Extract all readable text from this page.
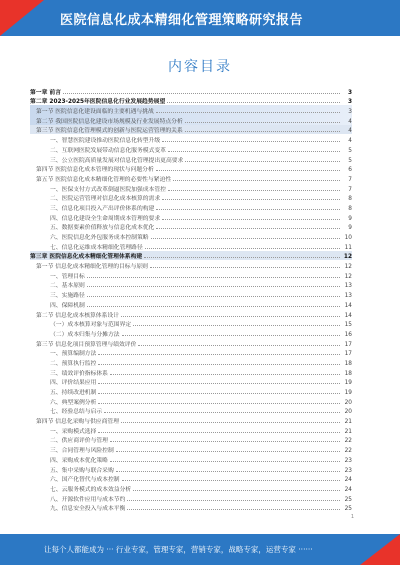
医院信息化成本精细化管理策略研究报告
内容目录
第一章 前言	3
第二章 2023-2025年医院信息化行业发展趋势展望	3
第一节 医院信息化建设面临的主要机遇与挑战	3
第二节 我国医院信息化建设市场规模及行业发展特点分析	4
第三节 医院信息化管理模式的创新与医院运营管理的关系	4
一、智慧医院建设推动医院信息化转型升级	4
二、互联网医院发展带动信息化服务模式变革	5
三、公立医院高质量发展对信息化管理提出更高要求	5
第四节 医院信息化成本管理的现状与问题分析	6
第五节 医院信息化成本精细化管理的必要性与紧迫性	7
一、医保支付方式改革倒逼医院加强成本管控	7
二、医院运营管理对信息化成本核算的需求	8
三、信息化项目投入产出评价体系的构建	8
四、信息化建设全生命周期成本管理的要求	9
五、数据要素价值释放与信息化成本优化	9
六、医院信息化外包服务成本控制策略	10
七、信息化运维成本精细化管理路径	11
第三章 医院信息化成本精细化管理体系构建	12
第一节 信息化成本精细化管理的目标与原则	12
一、管理目标	12
二、基本原则	13
三、实施路径	13
四、保障机制	14
第二节 信息化成本核算体系设计	14
（一）成本核算对象与范围界定	15
（二）成本归集与分摊方法	16
第三节 信息化项目预算管理与绩效评价	17
一、预算编制方法	17
二、预算执行监控	18
三、绩效评价指标体系	18
四、评价结果应用	19
五、持续改进机制	19
六、典型案例分析	20
七、经验总结与启示	20
第四节 信息化采购与供应商管理	21
一、采购模式选择	21
二、供应商评价与管理	22
三、合同管理与风险控制	22
四、采购成本优化策略	23
五、集中采购与联合采购	23
六、国产化替代与成本控制	24
七、云服务模式的成本效益分析	24
八、开源软件应用与成本节约	25
九、信息安全投入与成本平衡	25
1
让每个人都能成为 ··· 行业专家，管理专家，营销专家，战略专家，运营专家 ······
